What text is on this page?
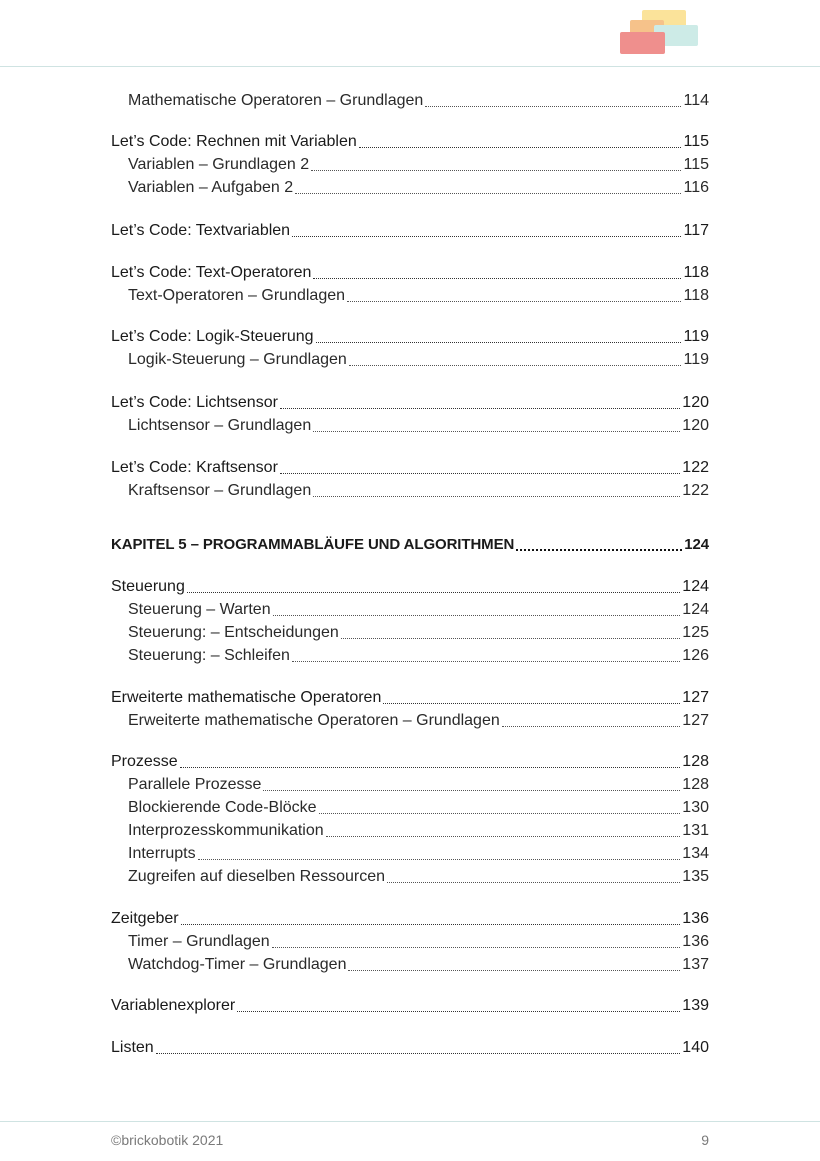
Mathematische Operatoren – Grundlagen	114
Let’s Code: Rechnen mit Variablen	115
Variablen – Grundlagen 2	115
Variablen – Aufgaben 2	116
Let’s Code: Textvariablen	117
Let’s Code: Text-Operatoren	118
Text-Operatoren – Grundlagen	118
Let’s Code: Logik-Steuerung	119
Logik-Steuerung – Grundlagen	119
Let’s Code: Lichtsensor	120
Lichtsensor – Grundlagen	120
Let’s Code: Kraftsensor	122
Kraftsensor – Grundlagen	122
KAPITEL 5 – PROGRAMMABLÄUFE UND ALGORITHMEN	124
Steuerung	124
Steuerung – Warten	124
Steuerung: – Entscheidungen	125
Steuerung: – Schleifen	126
Erweiterte mathematische Operatoren	127
Erweiterte mathematische Operatoren – Grundlagen	127
Prozesse	128
Parallele Prozesse	128
Blockierende Code-Blöcke	130
Interprozesskommunikation	131
Interrupts	134
Zugreifen auf dieselben Ressourcen	135
Zeitgeber	136
Timer – Grundlagen	136
Watchdog-Timer – Grundlagen	137
Variablenexplorer	139
Listen	140
©brickobotik 2021	9
